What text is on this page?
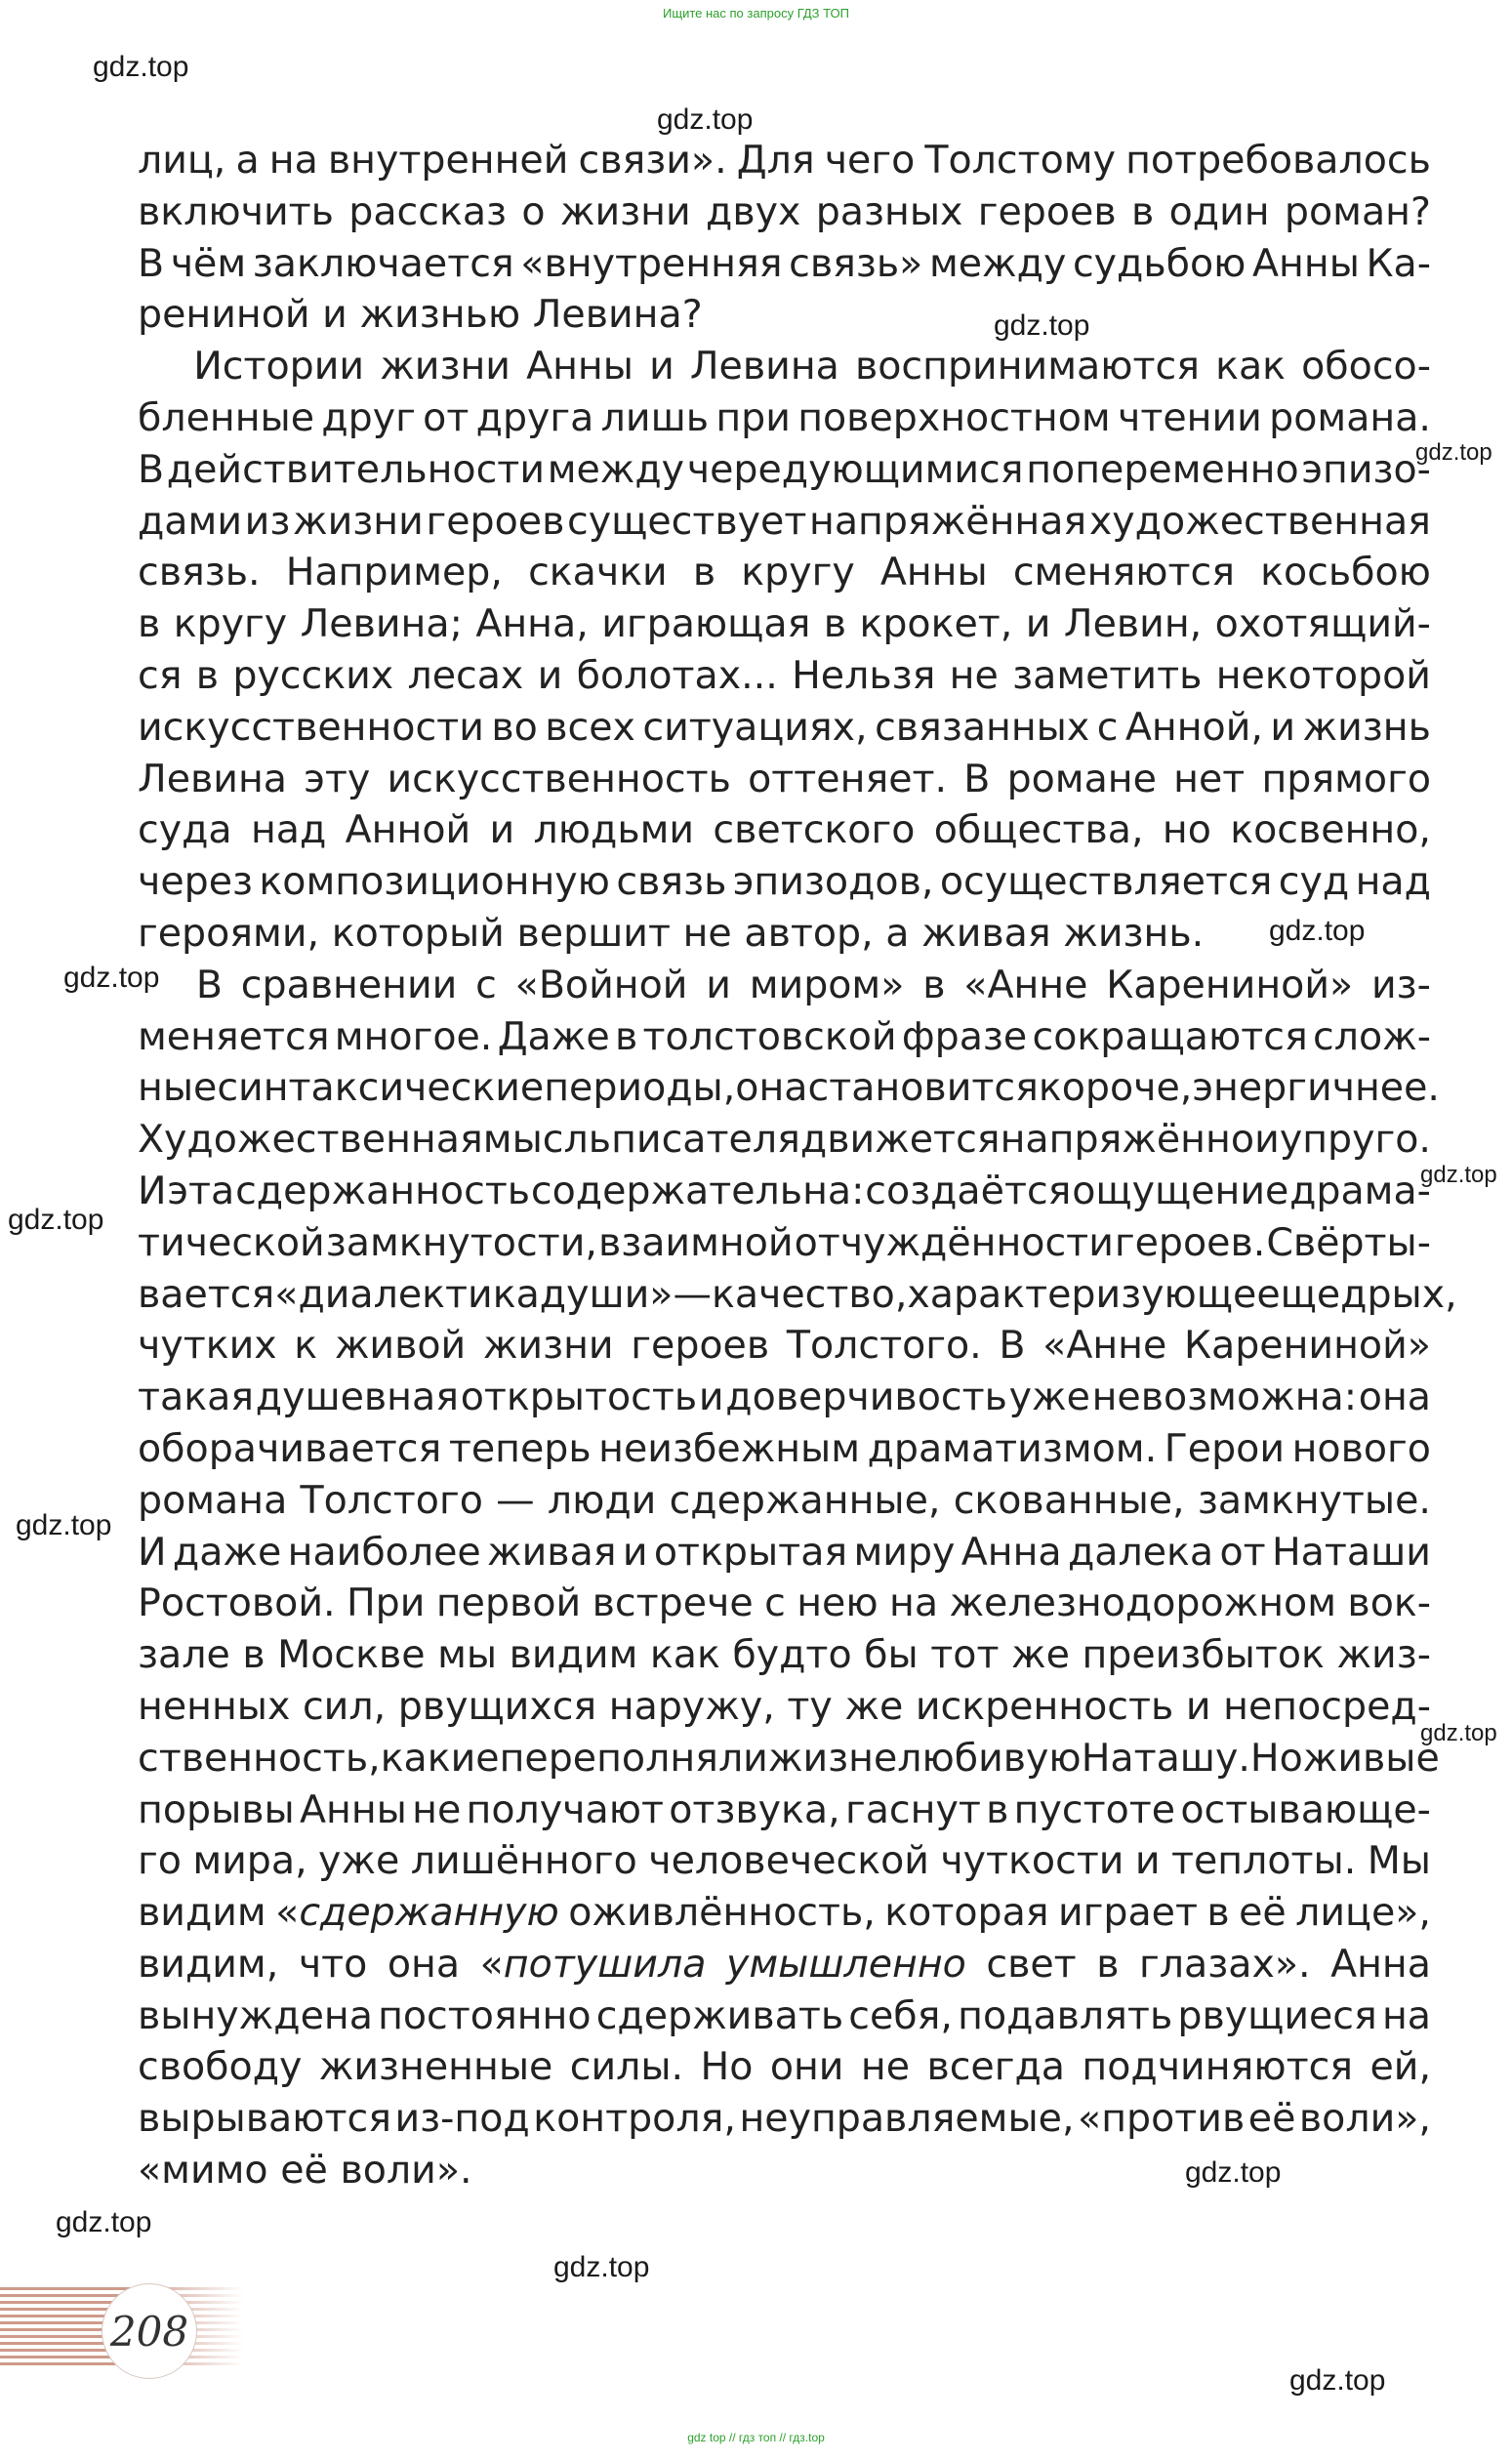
Ищите нас по запросу ГДЗ ТОП
лиц, а на внутренней связи». Для чего Толстому потребовалось
включить рассказ о жизни двух разных героев в один роман?
В чём заключается «внутренняя связь» между судьбою Анны Ка-
рениной и жизнью Левина?
Истории жизни Анны и Левина воспринимаются как обосо-
бленные друг от друга лишь при поверхностном чтении романа.
В действительности между чередующимися попеременно эпизо-
дами из жизни героев существует напряжённая художественная
связь. Например, скачки в кругу Анны сменяются косьбою
в кругу Левина; Анна, играющая в крокет, и Левин, охотящий-
ся в русских лесах и болотах... Нельзя не заметить некоторой
искусственности во всех ситуациях, связанных с Анной, и жизнь
Левина эту искусственность оттеняет. В романе нет прямого
суда над Анной и людьми светского общества, но косвенно,
через композиционную связь эпизодов, осуществляется суд над
героями, который вершит не автор, а живая жизнь.
В сравнении с «Войной и миром» в «Анне Карениной» из-
меняется многое. Даже в толстовской фразе сокращаются слож-
ные синтаксические периоды, она становится короче, энергичнее.
Художественная мысль писателя движется напряжённо и упруго.
И эта сдержанность содержательна: создаётся ощущение драма-
тической замкнутости, взаимной отчуждённости героев. Свёрты-
вается «диалектика души» — качество, характеризующее щедрых,
чутких к живой жизни героев Толстого. В «Анне Карениной»
такая душевная открытость и доверчивость уже невозможна: она
оборачивается теперь неизбежным драматизмом. Герои нового
романа Толстого — люди сдержанные, скованные, замкнутые.
И даже наиболее живая и открытая миру Анна далека от Наташи
Ростовой. При первой встрече с нею на железнодорожном вок-
зале в Москве мы видим как будто бы тот же преизбыток жиз-
ненных сил, рвущихся наружу, ту же искренность и непосред-
ственность, какие переполняли жизнелюбивую Наташу. Но живые
порывы Анны не получают отзвука, гаснут в пустоте остывающе-
го мира, уже лишённого человеческой чуткости и теплоты. Мы
видим «сдержанную оживлённость, которая играет в её лице»,
видим, что она «потушила умышленно свет в глазах». Анна
вынуждена постоянно сдерживать себя, подавлять рвущиеся на
свободу жизненные силы. Но они не всегда подчиняются ей,
вырываются из-под контроля, неуправляемые, «против её воли»,
«мимо её воли».
gdz.top
gdz.top
gdz.top
gdz.top
gdz.top
gdz.top
gdz.top
gdz.top
gdz.top
gdz.top
gdz.top
gdz.top
gdz.top
gdz.top
208
gdz top // гдз топ // гдз.top
